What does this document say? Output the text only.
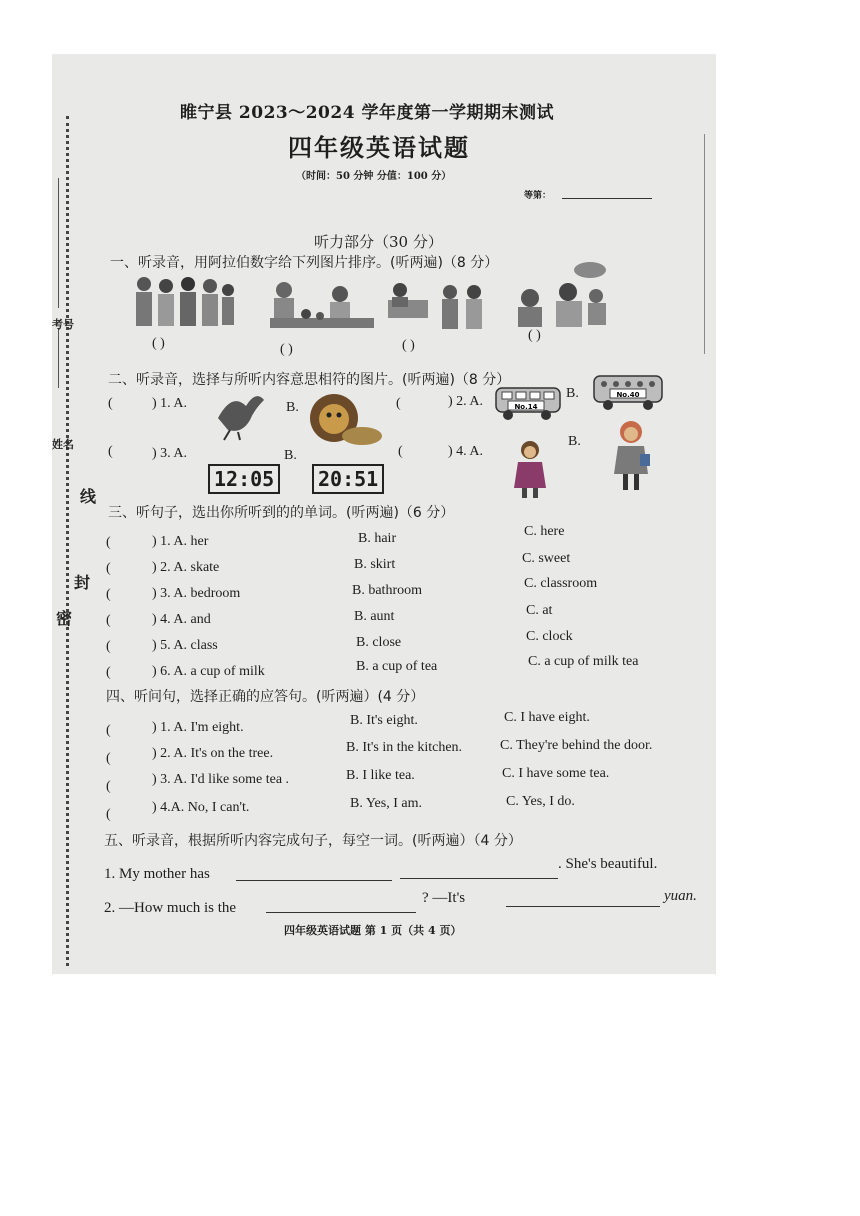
考号
姓名
线
封
密
睢宁县 2023～2024 学年度第一学期期末测试
四年级英语试题
（时间：50 分钟 分值：100 分）
等第：
听力部分（30 分）
一、听录音，用阿拉伯数字给下列图片排序。(听两遍)（8 分）
( )	( )	( )
( )
二、听录音，选择与所听内容意思相符的图片。(听两遍)（8 分）
(	) 1. A.	B.	(	) 2. A.	No.14
B.	No.40
(	) 3. A.	B.
12:05	20:51
(	) 4. A.
B.
三、听句子，选出你所听到的的单词。(听两遍)（6 分）
(	) 1. A. her	B. hair	C. here
(	) 2. A. skate	B. skirt	C. sweet
(	) 3. A. bedroom	B. bathroom	C. classroom
(	) 4. A. and	B. aunt	C. at
(	) 5. A. class	B. close	C. clock
(	) 6. A. a cup of milk	B. a cup of tea	C. a cup of milk tea
四、听问句，选择正确的应答句。(听两遍）(4 分）
(	) 1. A. I'm eight.	B. It's eight.	C. I have eight.
(	) 2. A. It's on the tree.	B. It's in the kitchen.	C. They're behind the door.
(	) 3. A. I'd like some tea .	B. I like tea.	C. I have some tea.
(	) 4.A. No, I can't.	B. Yes, I am.	C. Yes, I do.
五、听录音，根据所听内容完成句子，每空一词。(听两遍）（4 分）
1. My mother has
. She's beautiful.
2. —How much is the
? —It's	yuan.
四年级英语试题 第 1 页（共 4 页）
